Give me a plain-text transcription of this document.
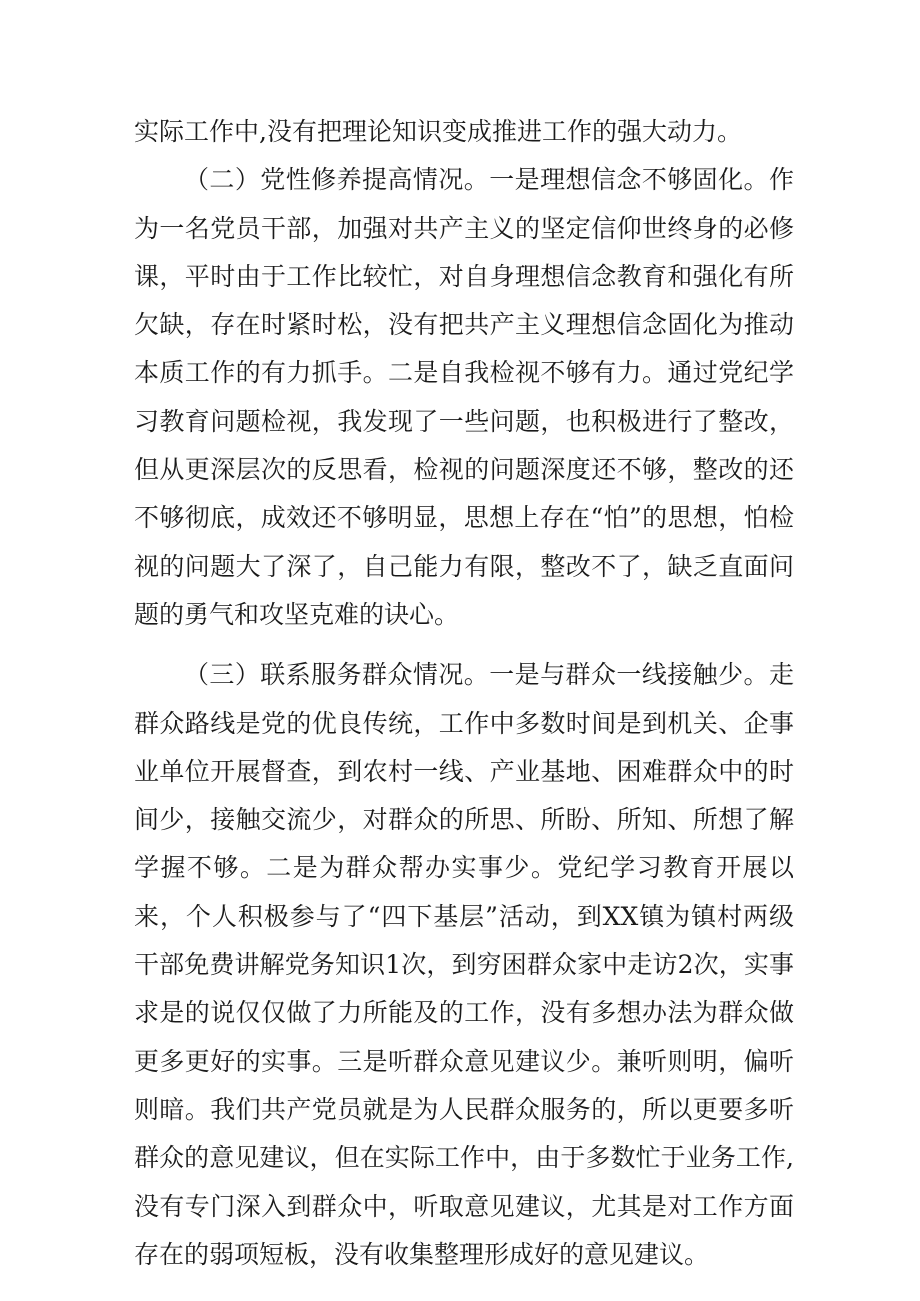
实际工作中,没有把理论知识变成推进工作的强大动力。

（二）党性修养提高情况。一是理想信念不够固化。作为一名党员干部，加强对共产主义的坚定信仰世终身的必修课，平时由于工作比较忙，对自身理想信念教育和强化有所欠缺，存在时紧时松，没有把共产主义理想信念固化为推动本质工作的有力抓手。二是自我检视不够有力。通过党纪学习教育问题检视，我发现了一些问题，也积极进行了整改，但从更深层次的反思看，检视的问题深度还不够，整改的还不够彻底，成效还不够明显，思想上存在“怕”的思想，怕检视的问题大了深了，自己能力有限，整改不了，缺乏直面问题的勇气和攻坚克难的诀心。

（三）联系服务群众情况。一是与群众一线接触少。走群众路线是党的优良传统，工作中多数时间是到机关、企事业单位开展督查，到农村一线、产业基地、困难群众中的时间少，接触交流少，对群众的所思、所盼、所知、所想了解学握不够。二是为群众帮办实事少。党纪学习教育开展以来，个人积极参与了“四下基层”活动，到XX镇为镇村两级干部免费讲解党务知识1次，到穷困群众家中走访2次，实事求是的说仅仅做了力所能及的工作，没有多想办法为群众做更多更好的实事。三是听群众意见建议少。兼听则明，偏听则暗。我们共产党员就是为人民群众服务的，所以更要多听群众的意见建议，但在实际工作中，由于多数忙于业务工作,没有专门深入到群众中，听取意见建议，尤其是对工作方面存在的弱项短板，没有收集整理形成好的意见建议。
